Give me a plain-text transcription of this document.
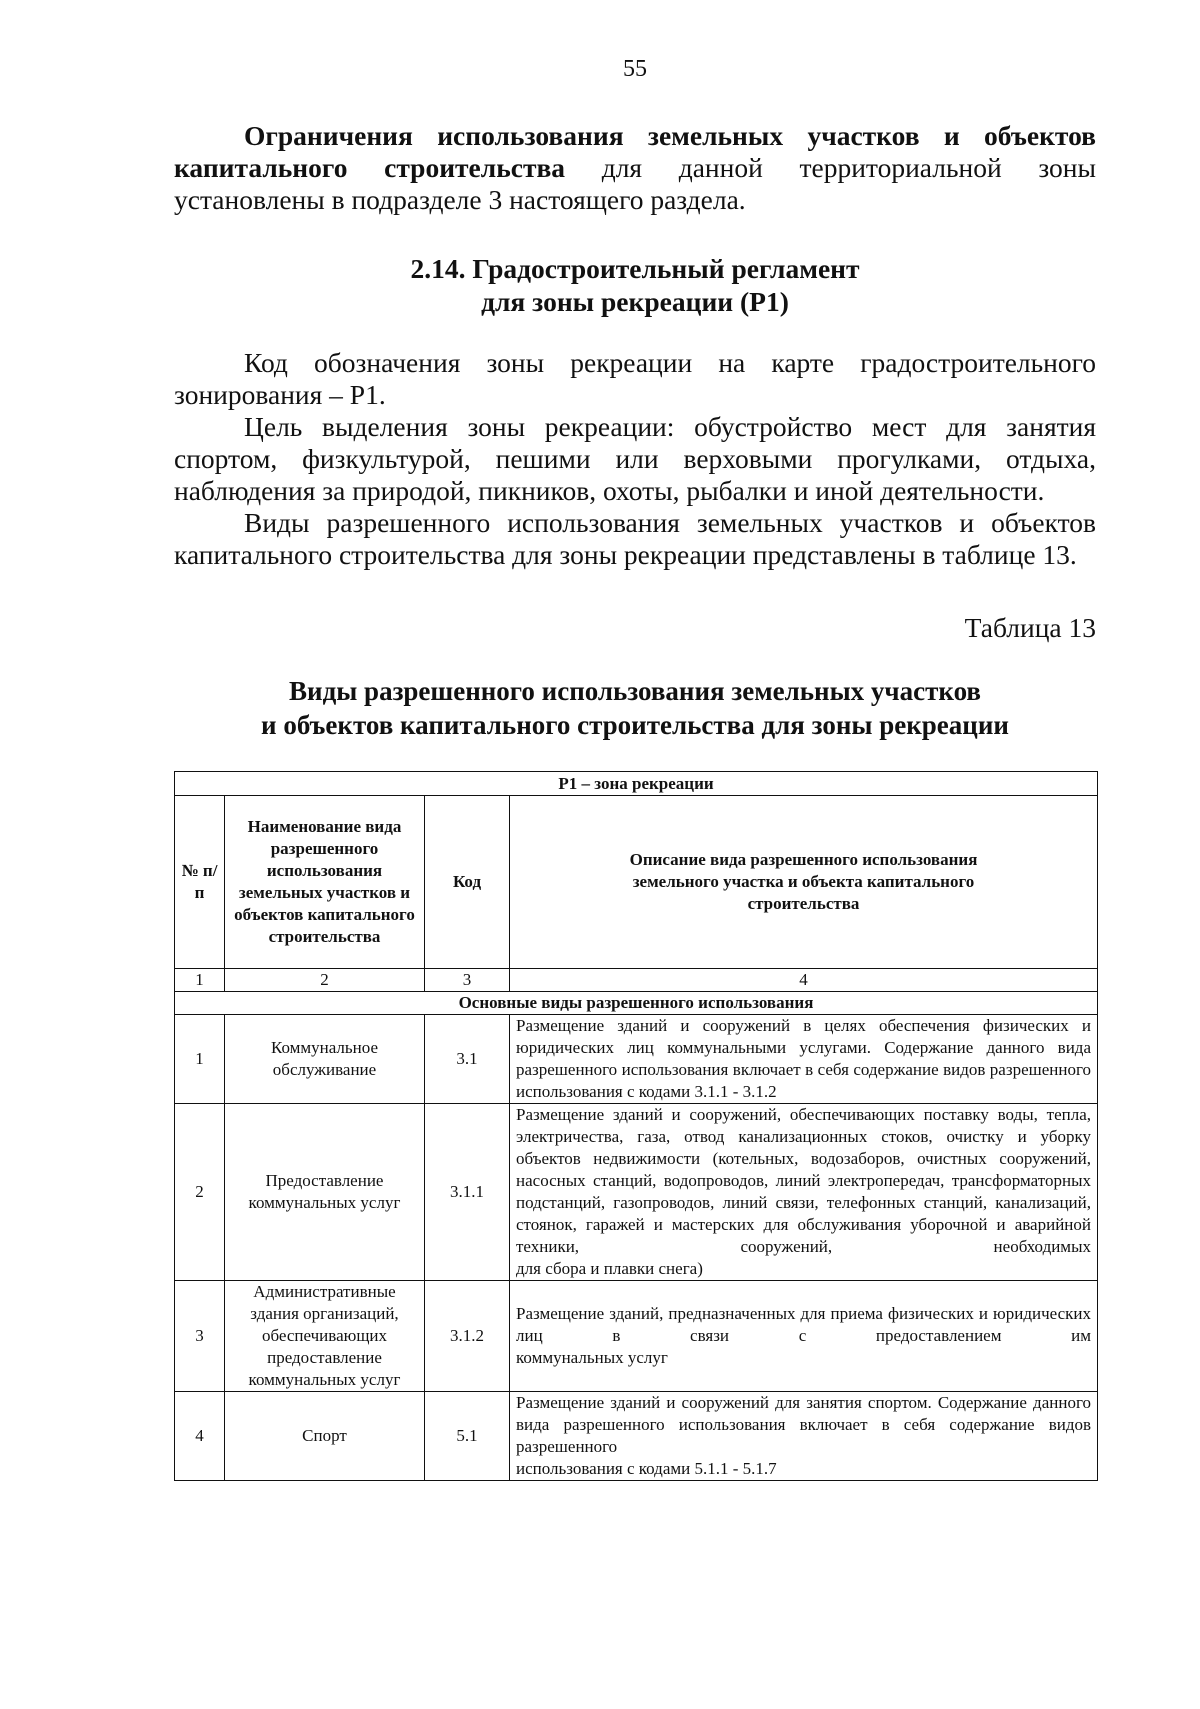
55
Ограничения использования земельных участков и объектов капитального строительства для данной территориальной зоны установлены в подразделе 3 настоящего раздела.
2.14. Градостроительный регламент
для зоны рекреации (Р1)

Код обозначения зоны рекреации на карте градостроительного зонирования – Р1.

Цель выделения зоны рекреации: обустройство мест для занятия спортом, физкультурой, пешими или верховыми прогулками, отдыха, наблюдения за природой, пикников, охоты, рыбалки и иной деятельности.

Виды разрешенного использования земельных участков и объектов капитального строительства для зоны рекреации представлены в таблице 13.

Таблица 13
Виды разрешенного использования земельных участков
и объектов капитального строительства для зоны рекреации
Р1 – зона рекреации			
№ п/п	Наименование вида разрешенного использования земельных участков и объектов капитального строительства	Код	Описание вида разрешенного использования земельного участка и объекта капитального строительства
1	2	3	4
Основные виды разрешенного использования			
1	Коммунальное обслуживание	3.1	Размещение зданий и сооружений в целях обеспечения физических и юридических лиц коммунальными услугами. Содержание данного вида разрешенного использования включает в себя содержание видов разрешенного
использования с кодами 3.1.1 - 3.1.2

2	Предоставление коммунальных услуг	3.1.1	Размещение зданий и сооружений, обеспечивающих поставку воды, тепла, электричества, газа, отвод канализационных стоков, очистку и уборку объектов недвижимости (котельных, водозаборов, очистных сооружений, насосных станций, водопроводов, линий электропередач, трансформаторных подстанций, газопроводов, линий связи, телефонных станций, канализаций, стоянок, гаражей и мастерских для обслуживания уборочной и аварийной техники, сооружений, необходимых
для сбора и плавки снега)

3	Административные здания организаций, обеспечивающих предоставление коммунальных услуг	3.1.2	Размещение зданий, предназначенных для приема физических и юридических лиц в связи с предоставлением им
коммунальных услуг

4	Спорт	5.1	Размещение зданий и сооружений для занятия спортом. Содержание данного вида разрешенного использования включает в себя содержание видов разрешенного
использования с кодами 5.1.1 - 5.1.7
